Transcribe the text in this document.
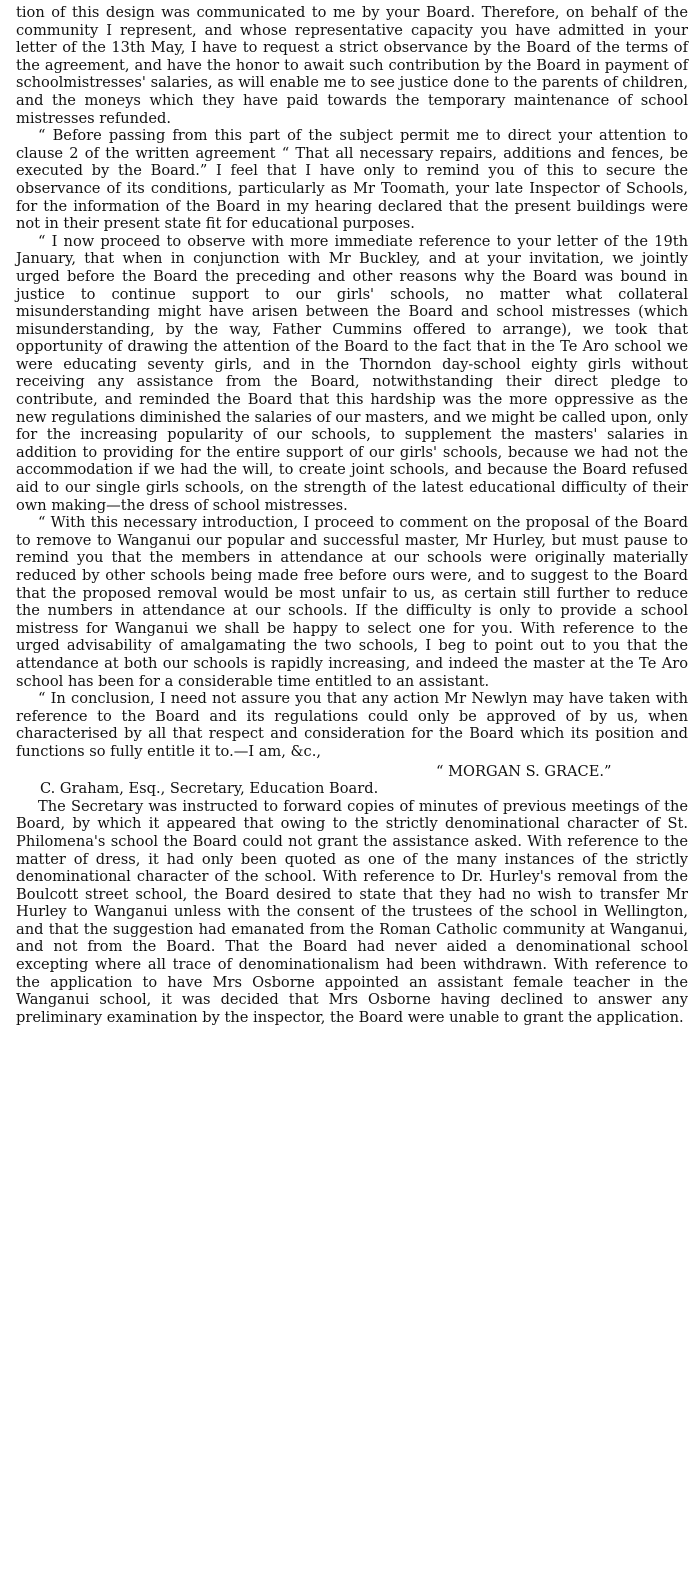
tion of this design was communicated to me by your Board. Therefore, on behalf of the community I represent, and whose representative capacity you have admitted in your letter of the 13th May, I have to request a strict observance by the Board of the terms of the agreement, and have the honor to await such contribution by the Board in payment of schoolmistresses' salaries, as will enable me to see justice done to the parents of children, and the moneys which they have paid towards the temporary maintenance of school mistresses refunded.

“ Before passing from this part of the subject permit me to direct your attention to clause 2 of the written agreement “ That all necessary repairs, additions and fences, be executed by the Board.” I feel that I have only to remind you of this to secure the observance of its conditions, particularly as Mr Toomath, your late Inspector of Schools, for the information of the Board in my hearing declared that the present buildings were not in their present state fit for educational purposes.

“ I now proceed to observe with more immediate reference to your letter of the 19th January, that when in conjunction with Mr Buckley, and at your invitation, we jointly urged before the Board the preceding and other reasons why the Board was bound in justice to continue support to our girls' schools, no matter what collateral misunderstanding might have arisen between the Board and school mistresses (which misunderstanding, by the way, Father Cummins offered to arrange), we took that opportunity of drawing the attention of the Board to the fact that in the Te Aro school we were educating seventy girls, and in the Thorndon day-school eighty girls without receiving any assistance from the Board, notwithstanding their direct pledge to contribute, and reminded the Board that this hardship was the more oppressive as the new regulations diminished the salaries of our masters, and we might be called upon, only for the increasing popularity of our schools, to supplement the masters' salaries in addition to providing for the entire support of our girls' schools, because we had not the accommodation if we had the will, to create joint schools, and because the Board refused aid to our single girls schools, on the strength of the latest educational difficulty of their own making—the dress of school mistresses.

“ With this necessary introduction, I proceed to comment on the proposal of the Board to remove to Wanganui our popular and successful master, Mr Hurley, but must pause to remind you that the members in attendance at our schools were originally materially reduced by other schools being made free before ours were, and to suggest to the Board that the proposed removal would be most unfair to us, as certain still further to reduce the numbers in attendance at our schools. If the difficulty is only to provide a school mistress for Wanganui we shall be happy to select one for you. With reference to the urged advisability of amalgamating the two schools, I beg to point out to you that the attendance at both our schools is rapidly increasing, and indeed the master at the Te Aro school has been for a considerable time entitled to an assistant.

“ In conclusion, I need not assure you that any action Mr Newlyn may have taken with reference to the Board and its regulations could only be approved of by us, when characterised by all that respect and consideration for the Board which its position and functions so fully entitle it to.—I am, &c.,

“ MORGAN S. GRACE.”

C. Graham, Esq., Secretary, Education Board.

The Secretary was instructed to forward copies of minutes of previous meetings of the Board, by which it appeared that owing to the strictly denominational character of St. Philomena's school the Board could not grant the assistance asked. With reference to the matter of dress, it had only been quoted as one of the many instances of the strictly denominational character of the school. With reference to Dr. Hurley's removal from the Boulcott street school, the Board desired to state that they had no wish to transfer Mr Hurley to Wanganui unless with the consent of the trustees of the school in Wellington, and that the suggestion had emanated from the Roman Catholic community at Wanganui, and not from the Board. That the Board had never aided a denominational school excepting where all trace of denominationalism had been withdrawn. With reference to the application to have Mrs Osborne appointed an assistant female teacher in the Wanganui school, it was decided that Mrs Osborne having declined to answer any preliminary examination by the inspector, the Board were unable to grant the application.
